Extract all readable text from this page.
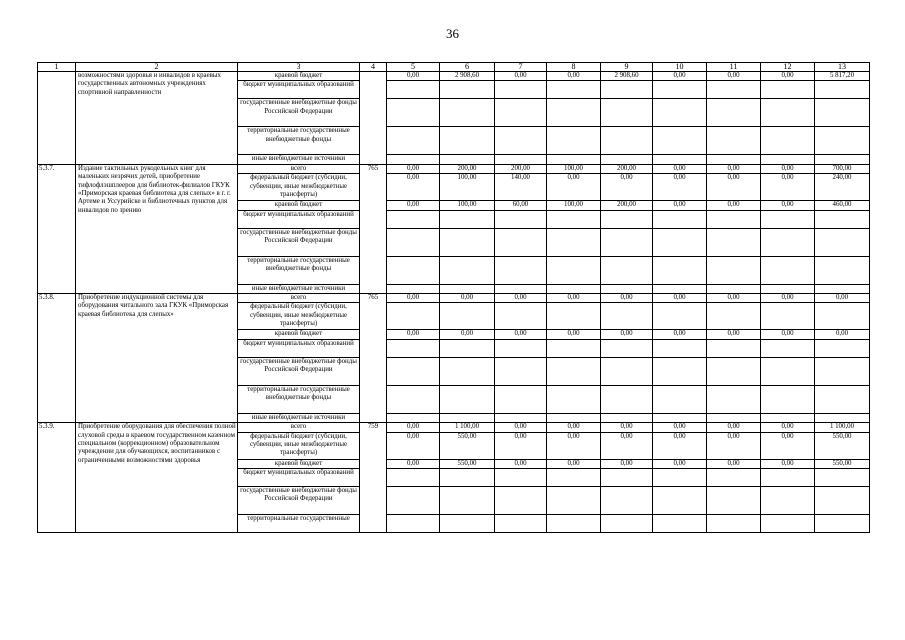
36
1	2	3	4	5	6	7	8	9	10	11	12	13
	возможностями здоровья и инвалидов в краевых государственных автономных учреждениях спортивной направленности	краевой бюджет		0,00	2 908,60	0,00	0,00	2 908,60	0,00	0,00	0,00	5 817,20
		бюджет муниципальных образований										
		государственные внебюджетные фонды Российской Федерации										
		территориальные государственные внебюджетные фонды										
		иные внебюджетные источники										
5.3.7.	Издание тактильных рукодельных книг для маленьких незрячих детей, приобретение тифлофлэшплееров для библиотек-филиалов ГКУК «Приморская краевая библиотека для слепых» в г. г. Артеме и Уссурийске и библиотечных пунктов для инвалидов по зрению	всего	765	0,00	200,00	200,00	100,00	200,00	0,00	0,00	0,00	700,00
		федеральный бюджет (субсидии, субвенции, иные межбюджетные трансферты)		0,00	100,00	140,00	0,00	0,00	0,00	0,00	0,00	240,00
		краевой бюджет		0,00	100,00	60,00	100,00	200,00	0,00	0,00	0,00	460,00
		бюджет муниципальных образований										
		государственные внебюджетные фонды Российской Федерации										
		территориальные государственные внебюджетные фонды										
		иные внебюджетные источники										
5.3.8.	Приобретение индукционной системы для оборудования читального зала ГКУК «Приморская краевая библиотека для слепых»	всего	765	0,00	0,00	0,00	0,00	0,00	0,00	0,00	0,00	0,00
		федеральный бюджет (субсидии, субвенции, иные межбюджетные трансферты)										
		краевой бюджет		0,00	0,00	0,00	0,00	0,00	0,00	0,00	0,00	0,00
		бюджет муниципальных образований										
		государственные внебюджетные фонды Российской Федерации										
		территориальные государственные внебюджетные фонды										
		иные внебюджетные источники										
5.3.9.	Приобретение оборудования для обеспечения полной слуховой среды в краевом государственном казенном специальном (коррекционном) образовательном учреждении для обучающихся, воспитанников с ограниченными возможностями здоровья	всего	759	0,00	1 100,00	0,00	0,00	0,00	0,00	0,00	0,00	1 100,00
		федеральный бюджет (субсидии, субвенции, иные межбюджетные трансферты)		0,00	550,00	0,00	0,00	0,00	0,00	0,00	0,00	550,00
		краевой бюджет		0,00	550,00	0,00	0,00	0,00	0,00	0,00	0,00	550,00
		бюджет муниципальных образований										
		государственные внебюджетные фонды Российской Федерации										
		территориальные государственные										
